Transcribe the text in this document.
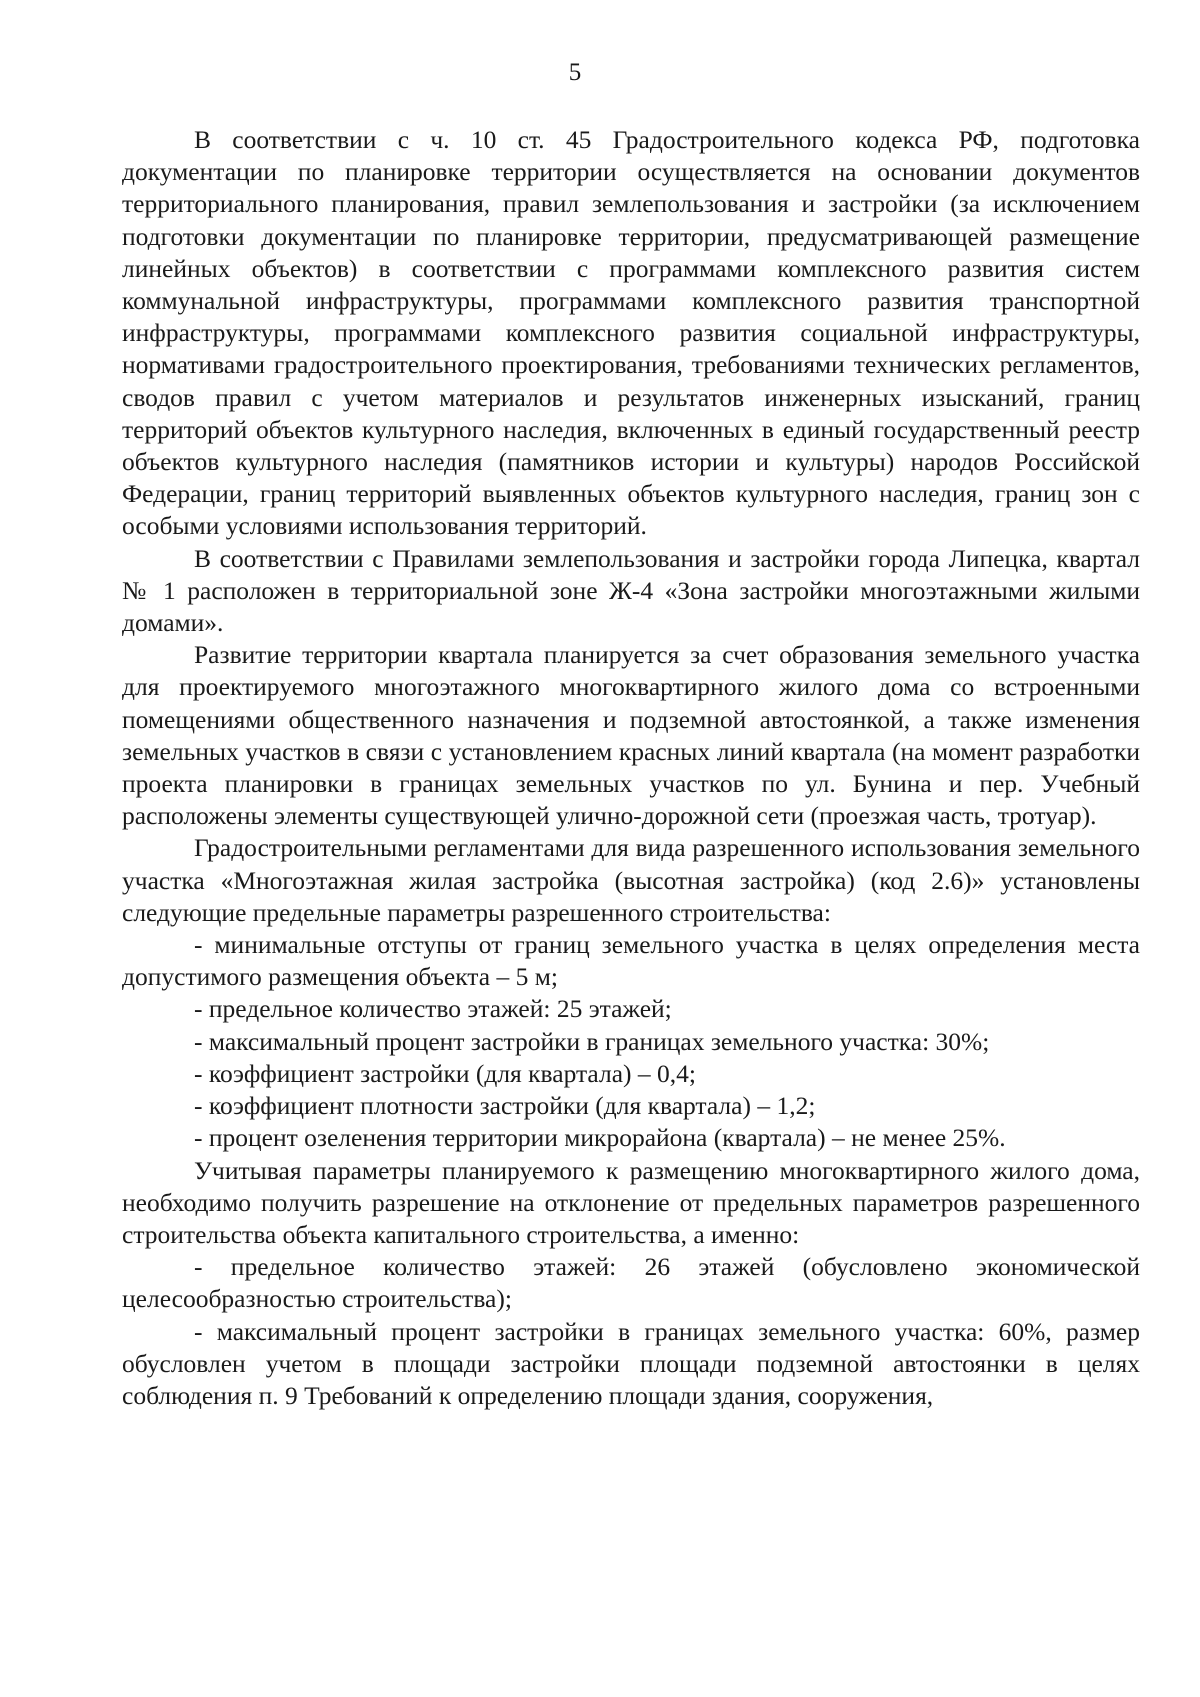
5

В соответствии с ч. 10 ст. 45 Градостроительного кодекса РФ, подготовка документации по планировке территории осуществляется на основании документов территориального планирования, правил землепользования и застройки (за исключением подготовки документации по планировке территории, предусматривающей размещение линейных объектов) в соответствии с программами комплексного развития систем коммунальной инфраструктуры, программами комплексного развития транспортной инфраструктуры, программами комплексного развития социальной инфраструктуры, нормативами градостроительного проектирования, требованиями технических регламентов, сводов правил с учетом материалов и результатов инженерных изысканий, границ территорий объектов культурного наследия, включенных в единый государственный реестр объектов культурного наследия (памятников истории и культуры) народов Российской Федерации, границ территорий выявленных объектов культурного наследия, границ зон с особыми условиями использования территорий.

В соответствии с Правилами землепользования и застройки города Липецка, квартал № 1 расположен в территориальной зоне Ж-4 «Зона застройки многоэтажными жилыми домами».

Развитие территории квартала планируется за счет образования земельного участка для проектируемого многоэтажного многоквартирного жилого дома со встроенными помещениями общественного назначения и подземной автостоянкой, а также изменения земельных участков в связи с установлением красных линий квартала (на момент разработки проекта планировки в границах земельных участков по ул. Бунина и пер. Учебный расположены элементы существующей улично-дорожной сети (проезжая часть, тротуар).

Градостроительными регламентами для вида разрешенного использования земельного участка «Многоэтажная жилая застройка (высотная застройка) (код 2.6)» установлены следующие предельные параметры разрешенного строительства:

- минимальные отступы от границ земельного участка в целях определения места допустимого размещения объекта – 5 м;

- предельное количество этажей: 25 этажей;

- максимальный процент застройки в границах земельного участка: 30%;

- коэффициент застройки (для квартала) – 0,4;

- коэффициент плотности застройки (для квартала) – 1,2;

- процент озеленения территории микрорайона (квартала) – не менее 25%.

Учитывая параметры планируемого к размещению многоквартирного жилого дома, необходимо получить разрешение на отклонение от предельных параметров разрешенного строительства объекта капитального строительства, а именно:

- предельное количество этажей: 26 этажей (обусловлено экономической целесообразностью строительства);

- максимальный процент застройки в границах земельного участка: 60%, размер обусловлен учетом в площади застройки площади подземной автостоянки в целях соблюдения п. 9 Требований к определению площади здания, сооружения,
